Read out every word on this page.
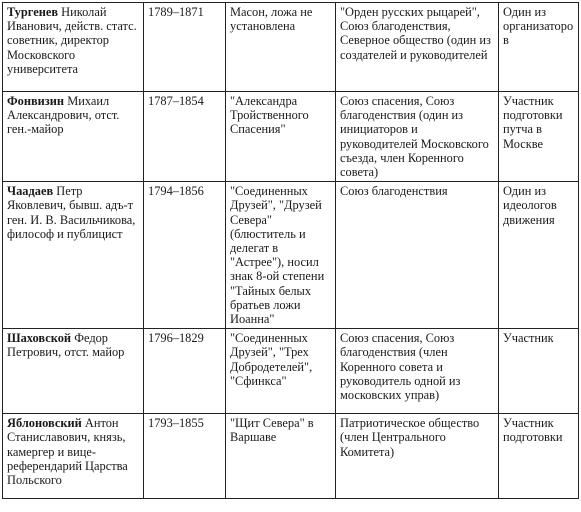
Тургенев Николай Иванович, действ. статс. советник, директор Московского университета	1789–1871	Масон, ложа не установлена	"Орден русских рыцарей", Союз благоденствия, Северное общество (один из создателей и руководителей	Один из организаторов
Фонвизин Михаил Александрович, отст. ген.-майор	1787–1854	"Александра Тройственного Спасения"	Союз спасения, Союз благоденствия (один из инициаторов и руководителей Московского съезда, член Коренного совета)	Участник подготовки путча в Москве
Чаадаев Петр Яковлевич, бывш. адъ-т ген. И. В. Васильчикова, философ и публицист	1794–1856	"Соединенных Друзей", "Друзей Севера" (блюститель и делегат в "Астрее"), носил знак 8-ой степени "Тайных белых братьев ложи Иоанна"	Союз благоденствия	Один из идеологов движения
Шаховской Федор Петрович, отст. майор	1796–1829	"Соединенных Друзей", "Трех Добродетелей", "Сфинкса"	Союз спасения, Союз благоденствия (член Коренного совета и руководитель одной из московских управ)	Участник
Яблоновский Антон Станиславович, князь, камергер и вице-референдарий Царства Польского	1793–1855	"Щит Севера" в Варшаве	Патриотическое общество (член Центрального Комитета)	Участник подготовки
